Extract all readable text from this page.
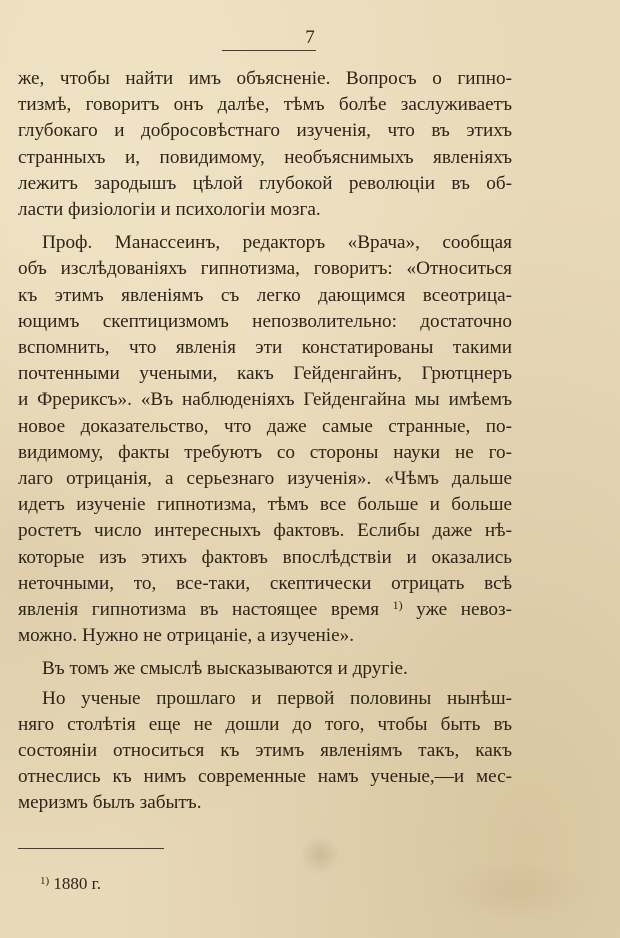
7

же, чтобы найти имъ объясненіе. Вопросъ о гипно-
тизмѣ, говоритъ онъ далѣе, тѣмъ болѣе заслуживаетъ
глубокаго и добросовѣстнаго изученія, что въ этихъ
странныхъ и, повидимому, необъяснимыхъ явленіяхъ
лежитъ зародышъ цѣлой глубокой революціи въ об-
ласти физіологіи и психологіи мозга.

Проф. Манассеинъ, редакторъ «Врача», сообщая
объ изслѣдованіяхъ гипнотизма, говоритъ: «Относиться
къ этимъ явленіямъ съ легко дающимся всеотрица-
ющимъ скептицизмомъ непозволительно: достаточно
вспомнить, что явленія эти констатированы такими
почтенными учеными, какъ Гейденгайнъ, Грютцнеръ
и Фрериксъ». «Въ наблюденіяхъ Гейденгайна мы имѣемъ
новое доказательство, что даже самые странные, по-
видимому, факты требуютъ со стороны науки не го-
лаго отрицанія, а серьезнаго изученія». «Чѣмъ дальше
идетъ изученіе гипнотизма, тѣмъ все больше и больше
ростетъ число интересныхъ фактовъ. Еслибы даже нѣ-
которые изъ этихъ фактовъ впослѣдствіи и оказались
неточными, то, все-таки, скептически отрицать всѣ
явленія гипнотизма въ настоящее время $^{1)}$ уже невоз-
можно. Нужно не отрицаніе, а изученіе».

Въ томъ же смыслѣ высказываются и другіе.

Но ученые прошлаго и первой половины нынѣш-
няго столѣтія еще не дошли до того, чтобы быть въ
состояніи относиться къ этимъ явленіямъ такъ, какъ
отнеслись къ нимъ современные намъ ученые,—и мес-
меризмъ былъ забытъ.

$^{1)}$ 1880 г.
